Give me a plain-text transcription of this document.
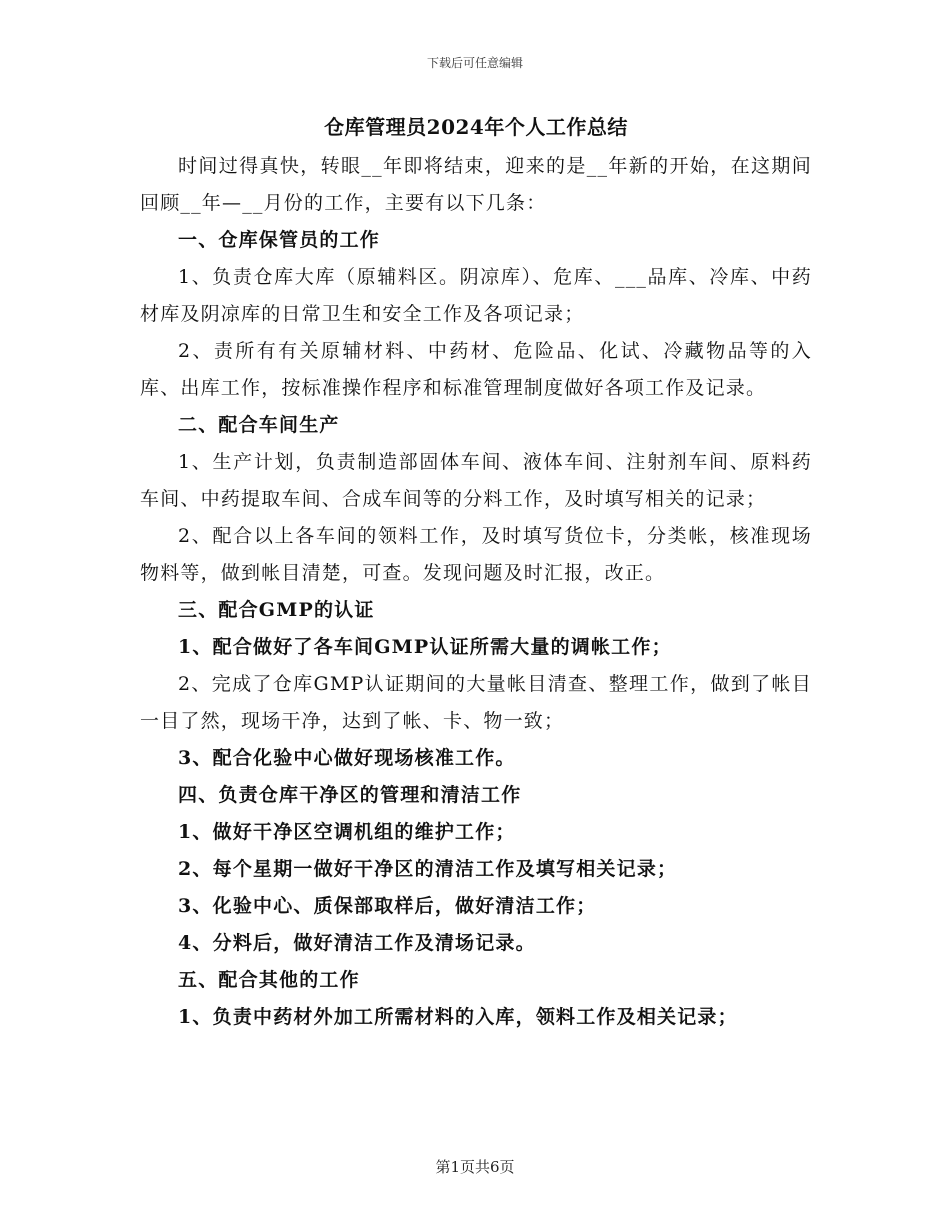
下载后可任意编辑
仓库管理员2024年个人工作总结

时间过得真快，转眼__年即将结束，迎来的是__年新的开始，在这期间回顾__年—__月份的工作，主要有以下几条：

一、仓库保管员的工作

1、负责仓库大库（原辅料区。阴凉库）、危库、___品库、冷库、中药材库及阴凉库的日常卫生和安全工作及各项记录；

2、责所有有关原辅材料、中药材、危险品、化试、冷藏物品等的入库、出库工作，按标准操作程序和标准管理制度做好各项工作及记录。

二、配合车间生产

1、生产计划，负责制造部固体车间、液体车间、注射剂车间、原料药车间、中药提取车间、合成车间等的分料工作，及时填写相关的记录；

2、配合以上各车间的领料工作，及时填写货位卡，分类帐，核准现场物料等，做到帐目清楚，可查。发现问题及时汇报，改正。

三、配合GMP的认证

1、配合做好了各车间GMP认证所需大量的调帐工作；

2、完成了仓库GMP认证期间的大量帐目清查、整理工作，做到了帐目一目了然，现场干净，达到了帐、卡、物一致；

3、配合化验中心做好现场核准工作。

四、负责仓库干净区的管理和清洁工作

1、做好干净区空调机组的维护工作；

2、每个星期一做好干净区的清洁工作及填写相关记录；

3、化验中心、质保部取样后，做好清洁工作；

4、分料后，做好清洁工作及清场记录。

五、配合其他的工作

1、负责中药材外加工所需材料的入库，领料工作及相关记录；

第1页共6页
